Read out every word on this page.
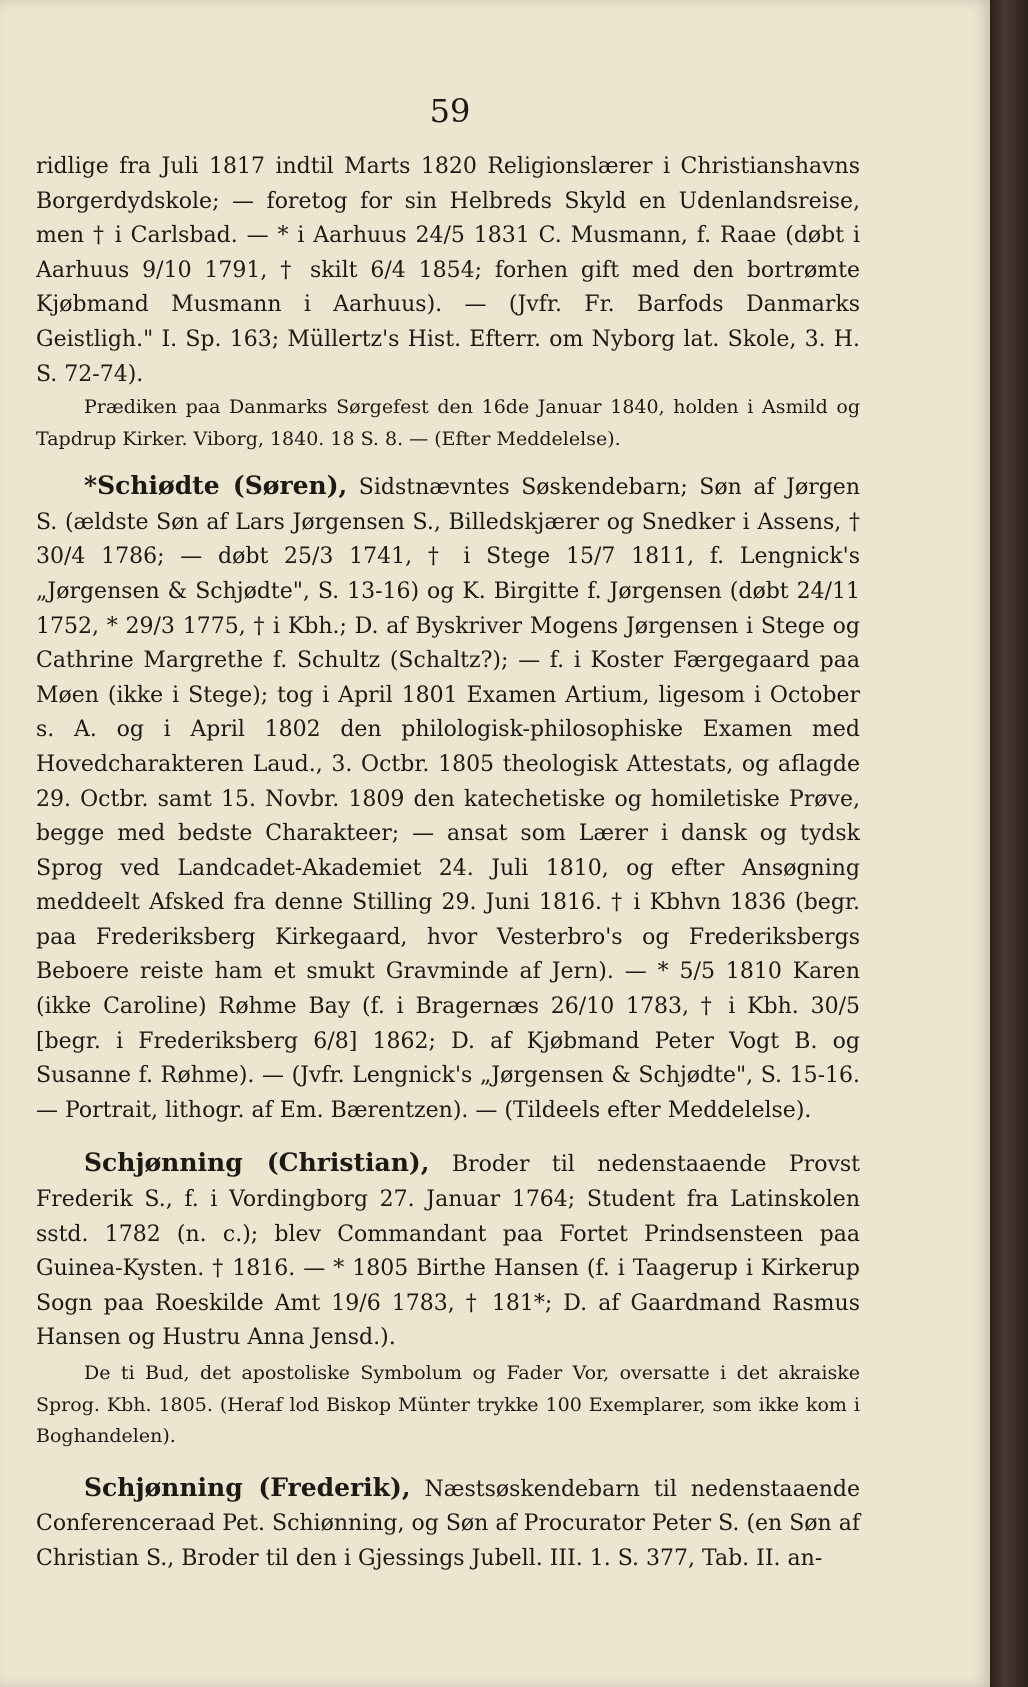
59

ridlige fra Juli 1817 indtil Marts 1820 Religionslærer i Christianshavns Borgerdydskole; — foretog for sin Helbreds Skyld en Udenlandsreise, men † i Carlsbad. — * i Aarhuus 24/5 1831 C. Musmann, f. Raae (døbt i Aarhuus 9/10 1791, † skilt 6/4 1854; forhen gift med den bortrømte Kjøbmand Musmann i Aarhuus). — (Jvfr. Fr. Barfods Danmarks Geistligh." I. Sp. 163; Müllertz's Hist. Efterr. om Nyborg lat. Skole, 3. H. S. 72-74).

Prædiken paa Danmarks Sørgefest den 16de Januar 1840, holden i Asmild og Tapdrup Kirker. Viborg, 1840. 18 S. 8. — (Efter Meddelelse).

*Schiødte (Søren), Sidstnævntes Søskendebarn; Søn af Jørgen S. (ældste Søn af Lars Jørgensen S., Billedskjærer og Snedker i Assens, † 30/4 1786; — døbt 25/3 1741, † i Stege 15/7 1811, f. Lengnick's „Jørgensen & Schjødte", S. 13-16) og K. Birgitte f. Jørgensen (døbt 24/11 1752, * 29/3 1775, † i Kbh.; D. af Byskriver Mogens Jørgensen i Stege og Cathrine Margrethe f. Schultz (Schaltz?); — f. i Koster Færgegaard paa Møen (ikke i Stege); tog i April 1801 Examen Artium, ligesom i October s. A. og i April 1802 den philologisk-philosophiske Examen med Hovedcharakteren Laud., 3. Octbr. 1805 theologisk Attestats, og aflagde 29. Octbr. samt 15. Novbr. 1809 den katechetiske og homiletiske Prøve, begge med bedste Charakteer; — ansat som Lærer i dansk og tydsk Sprog ved Landcadet-Akademiet 24. Juli 1810, og efter Ansøgning meddeelt Afsked fra denne Stilling 29. Juni 1816. † i Kbhvn 1836 (begr. paa Frederiksberg Kirkegaard, hvor Vesterbro's og Frederiksbergs Beboere reiste ham et smukt Gravminde af Jern). — * 5/5 1810 Karen (ikke Caroline) Røhme Bay (f. i Bragernæs 26/10 1783, † i Kbh. 30/5 [begr. i Frederiksberg 6/8] 1862; D. af Kjøbmand Peter Vogt B. og Susanne f. Røhme). — (Jvfr. Lengnick's „Jørgensen & Schjødte", S. 15-16. — Portrait, lithogr. af Em. Bærentzen). — (Tildeels efter Meddelelse).

Schjønning (Christian), Broder til nedenstaaende Provst Frederik S., f. i Vordingborg 27. Januar 1764; Student fra Latinskolen sstd. 1782 (n. c.); blev Commandant paa Fortet Prindsensteen paa Guinea-Kysten. † 1816. — * 1805 Birthe Hansen (f. i Taagerup i Kirkerup Sogn paa Roeskilde Amt 19/6 1783, † 181*; D. af Gaardmand Rasmus Hansen og Hustru Anna Jensd.).

De ti Bud, det apostoliske Symbolum og Fader Vor, oversatte i det akraiske Sprog. Kbh. 1805. (Heraf lod Biskop Münter trykke 100 Exemplarer, som ikke kom i Boghandelen).

Schjønning (Frederik), Næstsøskendebarn til nedenstaaende Conferenceraad Pet. Schiønning, og Søn af Procurator Peter S. (en Søn af Christian S., Broder til den i Gjessings Jubell. III. 1. S. 377, Tab. II. an-
